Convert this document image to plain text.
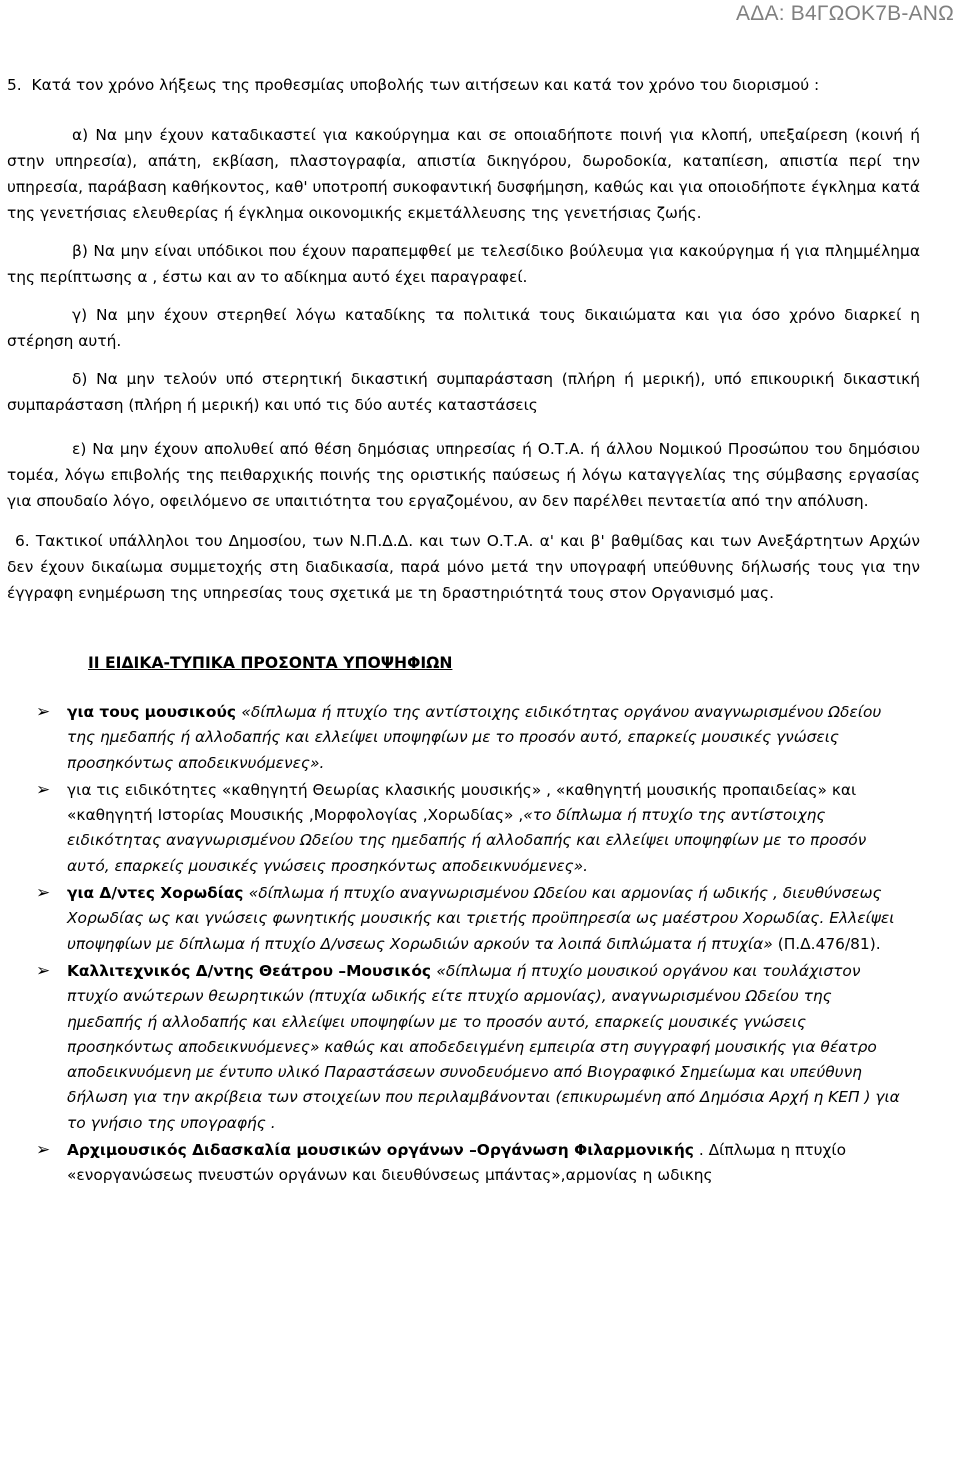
ΑΔΑ: Β4ΓΩΟΚ7Β-ΑΝΩ

5. Κατά τον χρόνο λήξεως της προθεσμίας υποβολής των αιτήσεων και κατά τον χρόνο του διορισμού :

α) Να μην έχουν καταδικαστεί για κακούργημα και σε οποιαδήποτε ποινή για κλοπή, υπεξαίρεση (κοινή ή στην υπηρεσία), απάτη, εκβίαση, πλαστογραφία, απιστία δικηγόρου, δωροδοκία, καταπίεση, απιστία περί την υπηρεσία, παράβαση καθήκοντος, καθ' υποτροπή συκοφαντική δυσφήμηση, καθώς και για οποιοδήποτε έγκλημα κατά της γενετήσιας ελευθερίας ή έγκλημα οικονομικής εκμετάλλευσης της γενετήσιας ζωής.

β) Να μην είναι υπόδικοι που έχουν παραπεμφθεί με τελεσίδικο βούλευμα για κακούργημα ή για πλημμέλημα της περίπτωσης α , έστω και αν το αδίκημα αυτό έχει παραγραφεί.

γ) Να μην έχουν στερηθεί λόγω καταδίκης τα πολιτικά τους δικαιώματα και για όσο χρόνο διαρκεί η στέρηση αυτή.

δ) Να μην τελούν υπό στερητική δικαστική συμπαράσταση (πλήρη ή μερική), υπό επικουρική δικαστική συμπαράσταση (πλήρη ή μερική) και υπό τις δύο αυτές καταστάσεις

ε) Να μην έχουν απολυθεί από θέση δημόσιας υπηρεσίας ή Ο.Τ.Α. ή άλλου Νομικού Προσώπου του δημόσιου τομέα, λόγω επιβολής της πειθαρχικής ποινής της οριστικής παύσεως ή λόγω καταγγελίας της σύμβασης εργασίας για σπουδαίο λόγο, οφειλόμενο σε υπαιτιότητα του εργαζομένου, αν δεν παρέλθει πενταετία από την απόλυση.

6. Τακτικοί υπάλληλοι του Δημοσίου, των Ν.Π.Δ.Δ. και των Ο.Τ.Α. α' και β' βαθμίδας και των Ανεξάρτητων Αρχών δεν έχουν δικαίωμα συμμετοχής στη διαδικασία, παρά μόνο μετά την υπογραφή υπεύθυνης δήλωσής τους για την έγγραφη ενημέρωση της υπηρεσίας τους σχετικά με τη δραστηριότητά τους στον Οργανισμό μας.

ΙΙ ΕΙΔΙΚΑ-ΤΥΠΙΚΑ ΠΡΟΣΟΝΤΑ ΥΠΟΨΗΦΙΩΝ
➢ για τους μουσικούς «δίπλωμα ή πτυχίο της αντίστοιχης ειδικότητας οργάνου αναγνωρισμένου Ωδείου της ημεδαπής ή αλλοδαπής και ελλείψει υποψηφίων με το προσόν αυτό, επαρκείς μουσικές γνώσεις προσηκόντως αποδεικνυόμενες».
➢ για τις ειδικότητες «καθηγητή Θεωρίας κλασικής μουσικής» , «καθηγητή μουσικής προπαιδείας» και «καθηγητή Ιστορίας Μουσικής ,Μορφολογίας ,Χορωδίας» ,«το δίπλωμα ή πτυχίο της αντίστοιχης ειδικότητας αναγνωρισμένου Ωδείου της ημεδαπής ή αλλοδαπής και ελλείψει υποψηφίων με το προσόν αυτό, επαρκείς μουσικές γνώσεις προσηκόντως αποδεικνυόμενες».
➢ για Δ/ντες Χορωδίας «δίπλωμα ή πτυχίο αναγνωρισμένου Ωδείου και αρμονίας ή ωδικής , διευθύνσεως Χορωδίας ως και γνώσεις φωνητικής μουσικής και τριετής προϋπηρεσία ως μαέστρου Χορωδίας. Ελλείψει υποψηφίων με δίπλωμα ή πτυχίο Δ/νσεως Χορωδιών αρκούν τα λοιπά διπλώματα ή πτυχία» (Π.Δ.476/81).
➢ Καλλιτεχνικός Δ/ντης Θεάτρου –Μουσικός «δίπλωμα ή πτυχίο μουσικού οργάνου και τουλάχιστον πτυχίο ανώτερων θεωρητικών (πτυχία ωδικής είτε πτυχίο αρμονίας), αναγνωρισμένου Ωδείου της ημεδαπής ή αλλοδαπής και ελλείψει υποψηφίων με το προσόν αυτό, επαρκείς μουσικές γνώσεις προσηκόντως αποδεικνυόμενες» καθώς και αποδεδειγμένη εμπειρία στη συγγραφή μουσικής για θέατρο αποδεικνυόμενη με έντυπο υλικό Παραστάσεων συνοδευόμενο από Βιογραφικό Σημείωμα και υπεύθυνη δήλωση για την ακρίβεια των στοιχείων που περιλαμβάνονται (επικυρωμένη από Δημόσια Αρχή η ΚΕΠ ) για το γνήσιο της υπογραφής .
➢ Αρχιμουσικός Διδασκαλία μουσικών οργάνων –Οργάνωση Φιλαρμονικής . Δίπλωμα η πτυχίο «ενοργανώσεως πνευστών οργάνων και διευθύνσεως μπάντας»,αρμονίας η ωδικης
